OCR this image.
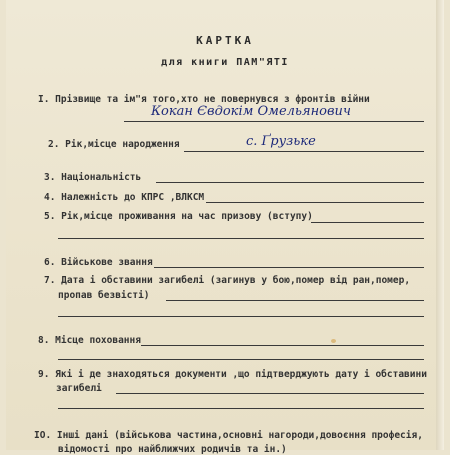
КАРТКА
для книги ПАМ"ЯТІ
I. Прізвище та ім"я того,хто не повернувся з фронтів війни
Кокан Євдокім Омельянович
2. Рік,місце народження	с. Ґрузьке
3. Національність
4. Належність до КПРС ,ВЛКСМ
5. Рік,місце проживання на час призову (вступу)
6. Військове звання
7. Дата і обставини загибелі (загинув у бою,помер від ран,помер,
пропав безвісті)
8. Місце поховання
9. Які і де знаходяться документи ,що підтверджують дату і обставини
загибелі
IO. Інші дані (військова частина,основні нагороди,довоєння професія,
відомості про найближчих родичів та ін.)
